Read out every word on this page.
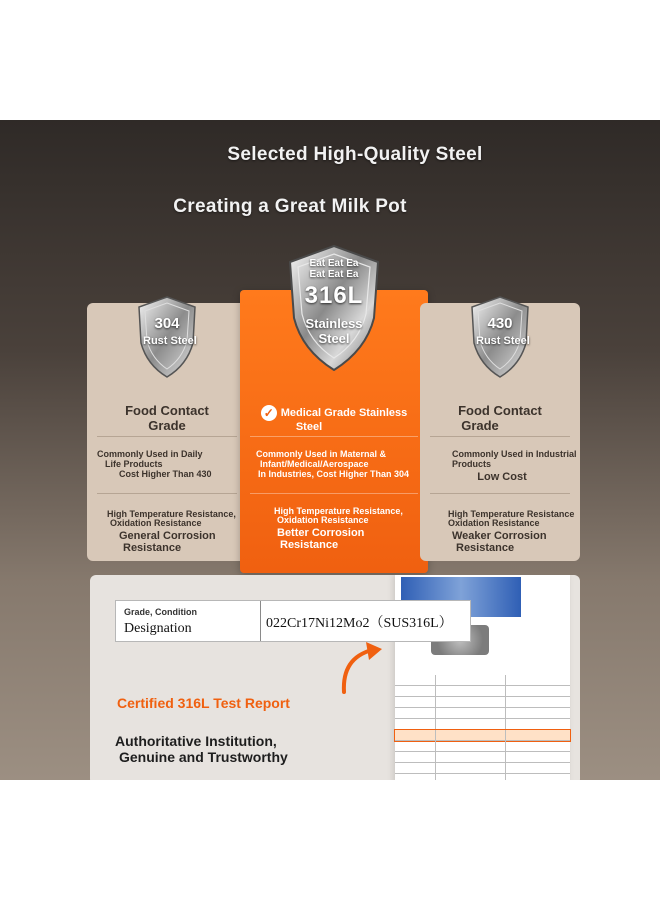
Selected High-Quality Steel
Creating a Great Milk Pot
304
Rust Steel
Food Contact
Grade
Commonly Used in Daily
Life Products
Cost Higher Than 430
High Temperature Resistance,
Oxidation Resistance
General Corrosion
Resistance
Eat Eat Ea
Eat Eat Ea
316L
Stainless
Steel
✓ Medical Grade Stainless
Steel
Commonly Used in Maternal &
Infant/Medical/Aerospace
In Industries, Cost Higher Than 304
High Temperature Resistance,
Oxidation Resistance
Better Corrosion
Resistance
430
Rust Steel
Food Contact
Grade
Commonly Used in Industrial
Products
Low Cost
High Temperature Resistance
Oxidation Resistance
Weaker Corrosion
Resistance
Grade, Condition
Designation	022Cr17Ni12Mo2（SUS316L）
Certified 316L Test Report
Authoritative Institution,
Genuine and Trustworthy
